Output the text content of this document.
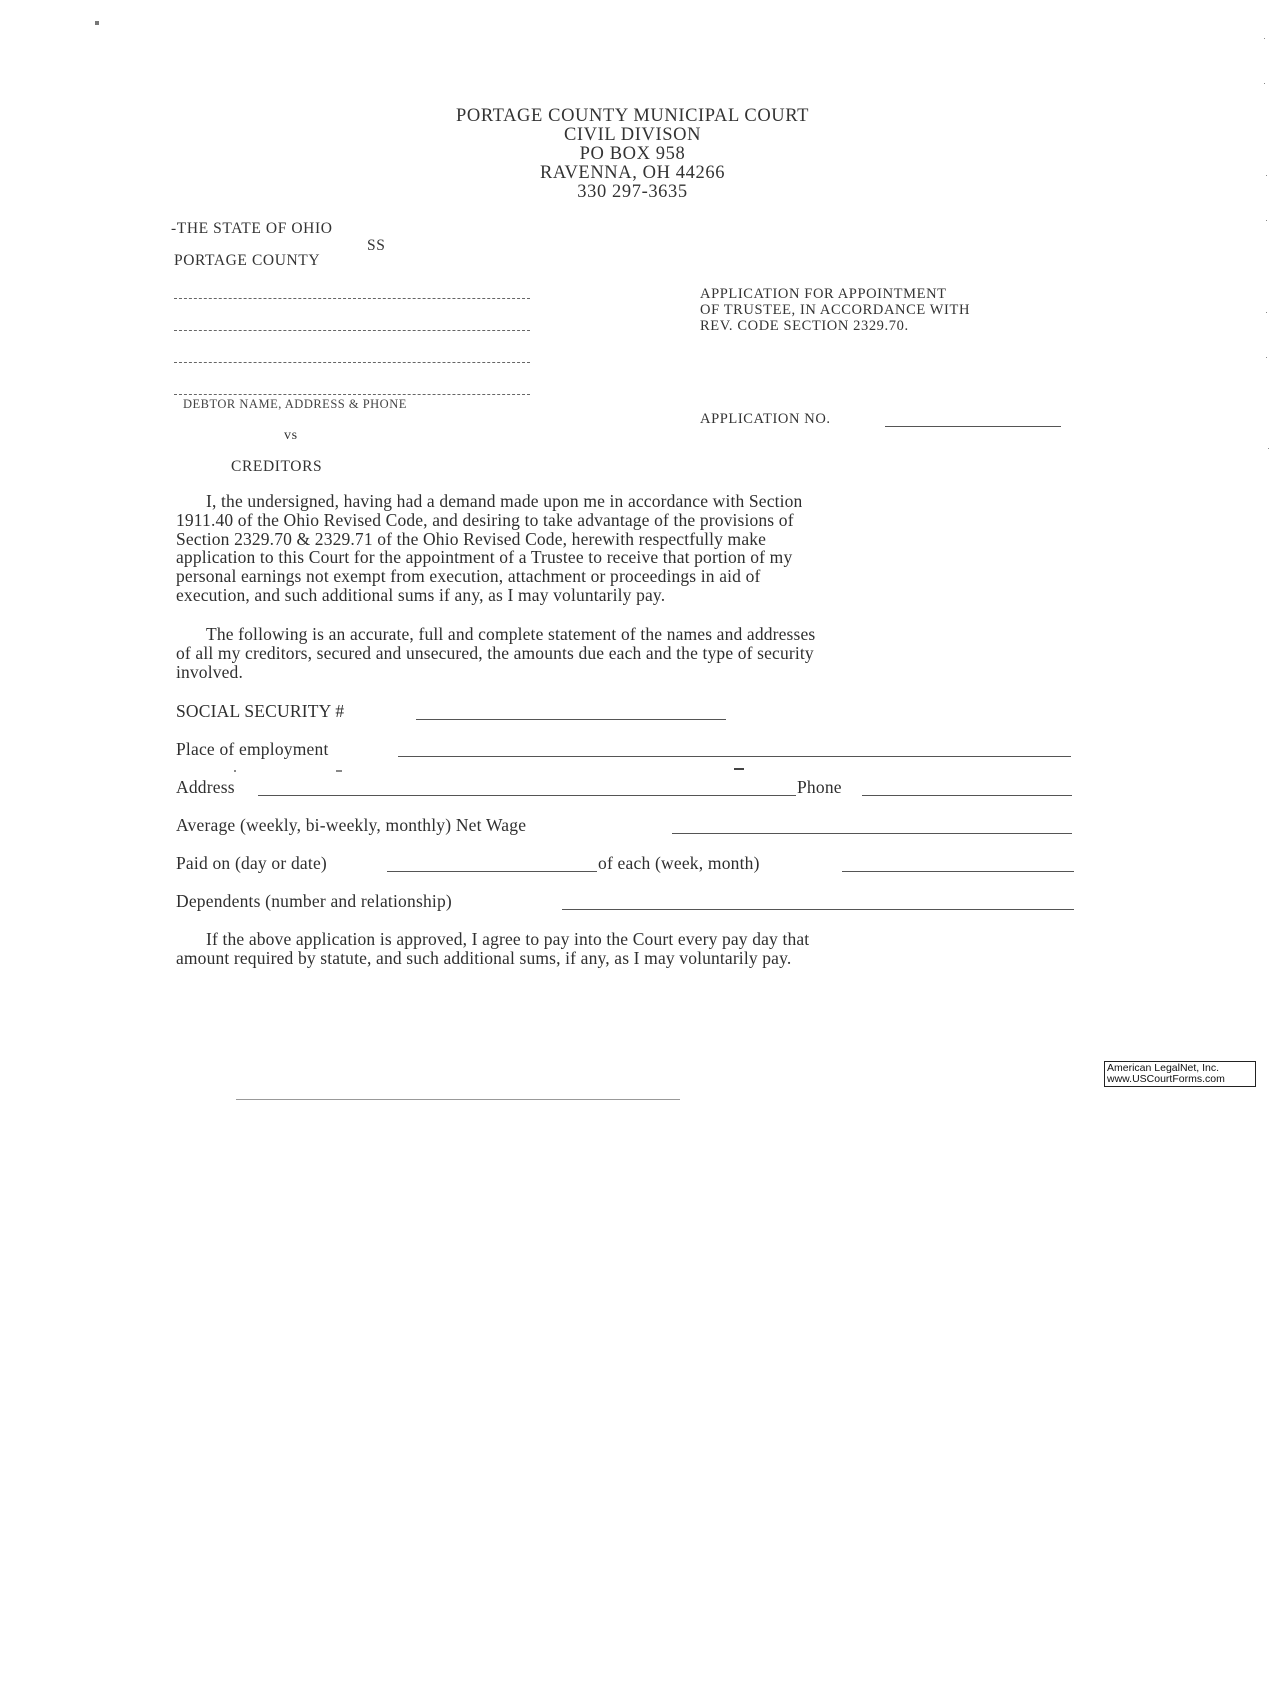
PORTAGE COUNTY MUNICIPAL COURT
CIVIL DIVISON
PO BOX 958
RAVENNA, OH 44266
330 297-3635
-THE STATE OF OHIO
SS
PORTAGE COUNTY
DEBTOR NAME, ADDRESS & PHONE
vs
CREDITORS
APPLICATION FOR APPOINTMENT
OF TRUSTEE, IN ACCORDANCE WITH
REV. CODE SECTION 2329.70.
APPLICATION NO.
I, the undersigned, having had a demand made upon me in accordance with Section
1911.40 of the Ohio Revised Code, and desiring to take advantage of the provisions of
Section 2329.70 & 2329.71 of the Ohio Revised Code, herewith respectfully make
application to this Court for the appointment of a Trustee to receive that portion of my
personal earnings not exempt from execution, attachment or proceedings in aid of
execution, and such additional sums if any, as I may voluntarily pay.
The following is an accurate, full and complete statement of the names and addresses
of all my creditors, secured and unsecured, the amounts due each and the type of security
involved.
SOCIAL SECURITY #
Place of employment
Address	Phone
Average (weekly, bi-weekly, monthly) Net Wage
Paid on (day or date)	of each (week, month)
Dependents (number and relationship)
If the above application is approved, I agree to pay into the Court every pay day that
amount required by statute, and such additional sums, if any, as I may voluntarily pay.
American LegalNet, Inc.
www.USCourtForms.com
